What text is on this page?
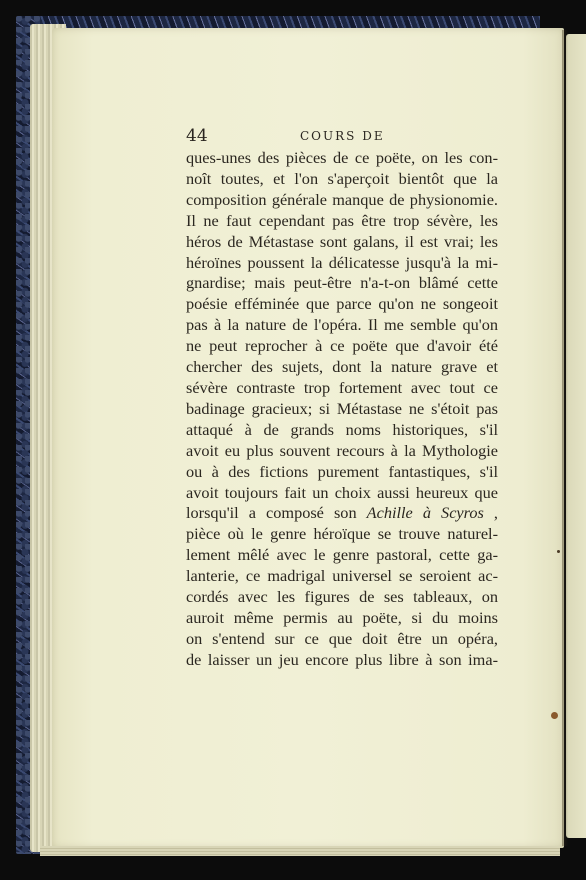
44	COURS DE
ques-unes des pièces de ce poëte, on les con-
noît toutes, et l'on s'aperçoit bientôt que la
composition générale manque de physionomie.
Il ne faut cependant pas être trop sévère, les
héros de Métastase sont galans, il est vrai; les
héroïnes poussent la délicatesse jusqu'à la mi-
gnardise; mais peut-être n'a-t-on blâmé cette
poésie efféminée que parce qu'on ne songeoit
pas à la nature de l'opéra. Il me semble qu'on
ne peut reprocher à ce poëte que d'avoir été
chercher des sujets, dont la nature grave et
sévère contraste trop fortement avec tout ce
badinage gracieux; si Métastase ne s'étoit pas
attaqué à de grands noms historiques, s'il
avoit eu plus souvent recours à la Mythologie
ou à des fictions purement fantastiques, s'il
avoit toujours fait un choix aussi heureux que
lorsqu'il a composé son Achille à Scyros ,
pièce où le genre héroïque se trouve naturel-
lement mêlé avec le genre pastoral, cette ga-
lanterie, ce madrigal universel se seroient ac-
cordés avec les figures de ses tableaux, on
auroit même permis au poëte, si du moins
on s'entend sur ce que doit être un opéra,
de laisser un jeu encore plus libre à son ima-
